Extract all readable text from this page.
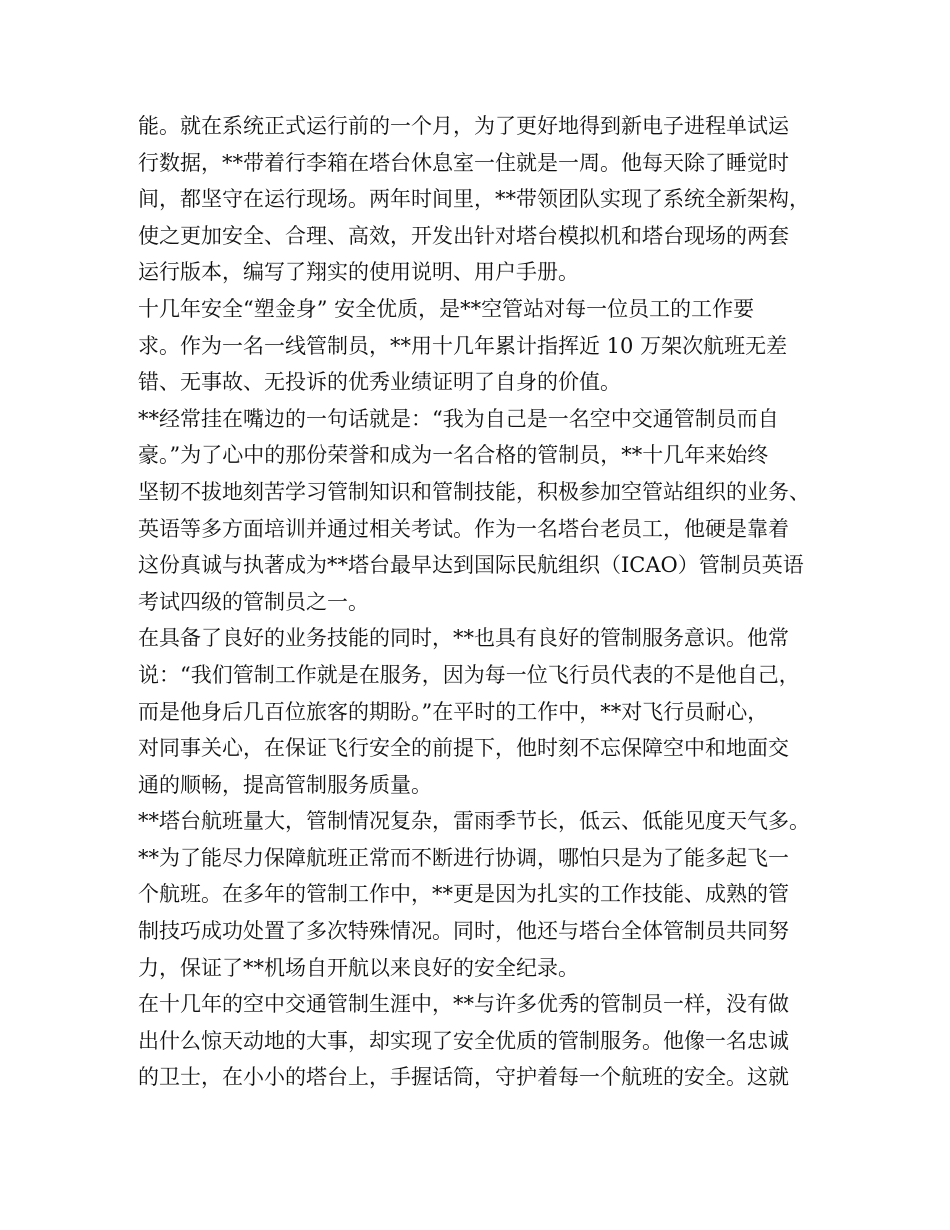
能。就在系统正式运行前的一个月，为了更好地得到新电子进程单试运
行数据，**带着行李箱在塔台休息室一住就是一周。他每天除了睡觉时
间，都坚守在运行现场。两年时间里，**带领团队实现了系统全新架构，
使之更加安全、合理、高效，开发出针对塔台模拟机和塔台现场的两套
运行版本，编写了翔实的使用说明、用户手册。
十几年安全“塑金身” 安全优质，是**空管站对每一位员工的工作要
求。作为一名一线管制员，**用十几年累计指挥近 10 万架次航班无差
错、无事故、无投诉的优秀业绩证明了自身的价值。
**经常挂在嘴边的一句话就是：“我为自己是一名空中交通管制员而自
豪。”为了心中的那份荣誉和成为一名合格的管制员，**十几年来始终
坚韧不拔地刻苦学习管制知识和管制技能，积极参加空管站组织的业务、
英语等多方面培训并通过相关考试。作为一名塔台老员工，他硬是靠着
这份真诚与执著成为**塔台最早达到国际民航组织（ICAO）管制员英语
考试四级的管制员之一。
在具备了良好的业务技能的同时，**也具有良好的管制服务意识。他常
说：“我们管制工作就是在服务，因为每一位飞行员代表的不是他自己，
而是他身后几百位旅客的期盼。”在平时的工作中，**对飞行员耐心，
对同事关心，在保证飞行安全的前提下，他时刻不忘保障空中和地面交
通的顺畅，提高管制服务质量。
**塔台航班量大，管制情况复杂，雷雨季节长，低云、低能见度天气多。
**为了能尽力保障航班正常而不断进行协调，哪怕只是为了能多起飞一
个航班。在多年的管制工作中，**更是因为扎实的工作技能、成熟的管
制技巧成功处置了多次特殊情况。同时，他还与塔台全体管制员共同努
力，保证了**机场自开航以来良好的安全纪录。
在十几年的空中交通管制生涯中，**与许多优秀的管制员一样，没有做
出什么惊天动地的大事，却实现了安全优质的管制服务。他像一名忠诚
的卫士，在小小的塔台上，手握话筒，守护着每一个航班的安全。这就
